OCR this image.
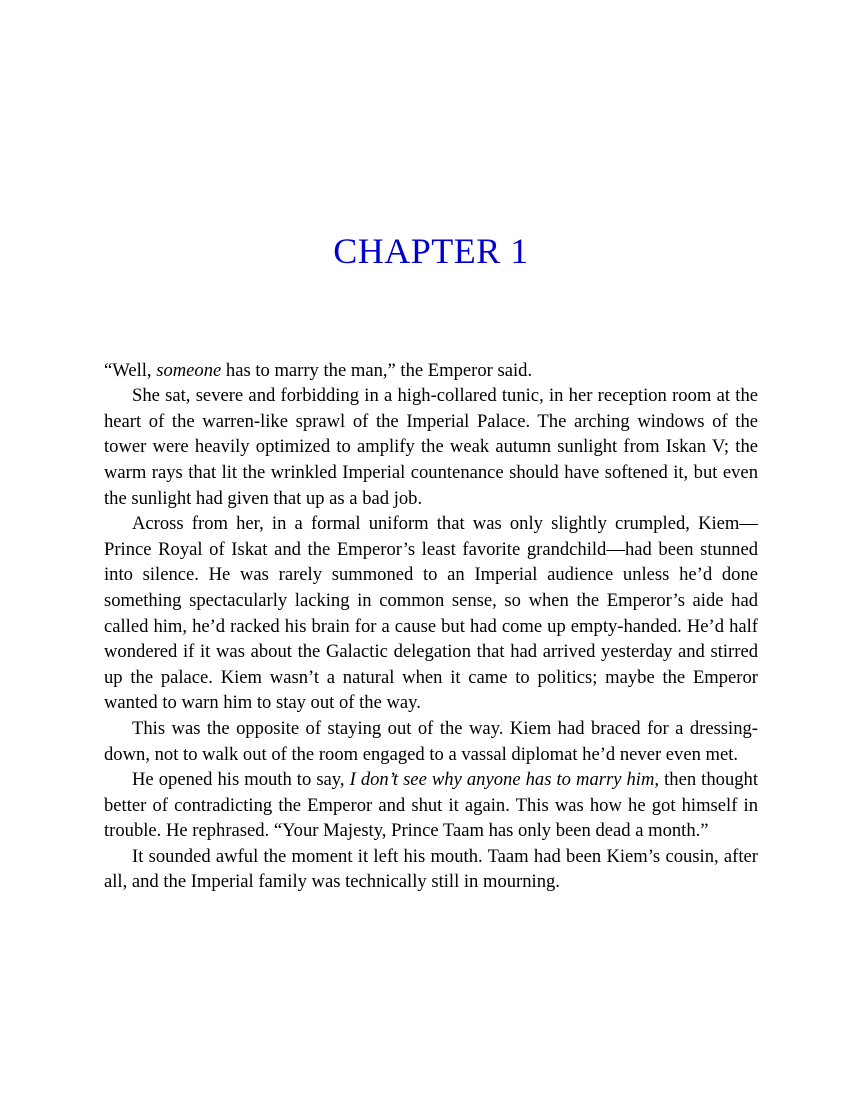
CHAPTER 1

“Well, someone has to marry the man,” the Emperor said.

She sat, severe and forbidding in a high-collared tunic, in her reception room at the heart of the warren-like sprawl of the Imperial Palace. The arching windows of the tower were heavily optimized to amplify the weak autumn sunlight from Iskan V; the warm rays that lit the wrinkled Imperial countenance should have softened it, but even the sunlight had given that up as a bad job.

Across from her, in a formal uniform that was only slightly crumpled, Kiem—Prince Royal of Iskat and the Emperor’s least favorite grandchild—had been stunned into silence. He was rarely summoned to an Imperial audience unless he’d done something spectacularly lacking in common sense, so when the Emperor’s aide had called him, he’d racked his brain for a cause but had come up empty-handed. He’d half wondered if it was about the Galactic delegation that had arrived yesterday and stirred up the palace. Kiem wasn’t a natural when it came to politics; maybe the Emperor wanted to warn him to stay out of the way.

This was the opposite of staying out of the way. Kiem had braced for a dressing-down, not to walk out of the room engaged to a vassal diplomat he’d never even met.

He opened his mouth to say, I don’t see why anyone has to marry him, then thought better of contradicting the Emperor and shut it again. This was how he got himself in trouble. He rephrased. “Your Majesty, Prince Taam has only been dead a month.”

It sounded awful the moment it left his mouth. Taam had been Kiem’s cousin, after all, and the Imperial family was technically still in mourning.
